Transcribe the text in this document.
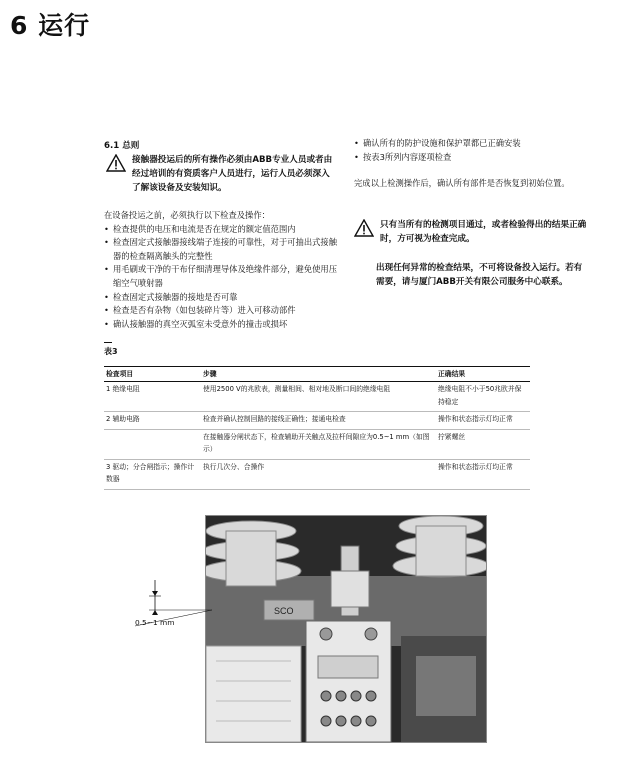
6 运行
6.1 总则
接触器投运后的所有操作必须由ABB专业人员或者由经过培训的有资质客户人员进行，运行人员必须深入了解该设备及安装知识。
在设备投运之前，必须执行以下检查及操作：
• 检查提供的电压和电流是否在规定的额定值范围内
• 检查固定式接触器接线端子连接的可靠性，对于可抽出式接触器的检查隔离触头的完整性
• 用毛刷或干净的干布仔细清理导体及绝缘件部分，避免使用压缩空气喷射器
• 检查固定式接触器的接地是否可靠
• 检查是否有杂物（如包装碎片等）进入可移动部件
• 确认接触器的真空灭弧室未受意外的撞击或损坏
• 确认所有的防护设施和保护罩都已正确安装
• 按表3所列内容逐项检查
完成以上检测操作后，确认所有部件是否恢复到初始位置。
只有当所有的检测项目通过，或者检验得出的结果正确时，方可视为检查完成。
出现任何异常的检查结果，不可将设备投入运行。若有需要，请与厦门ABB开关有限公司服务中心联系。
表3
检查项目	步骤	正确结果
1 绝缘电阻	使用2500 V的兆欧表，测量相间、相对地及断口间的绝缘电阻	绝缘电阻不小于50兆欧并保持稳定
2 辅助电路	检查并确认控制回路的接线正确性；接通电检查	操作和状态指示灯均正常
	在接触器分闸状态下，检查辅助开关触点及拉杆间隙应为0.5~1 mm（如图示）	拧紧螺丝
3 驱动；分合闸指示；操作计数器	执行几次分、合操作	操作和状态指示灯均正常
SCO
0.5~1 mm
